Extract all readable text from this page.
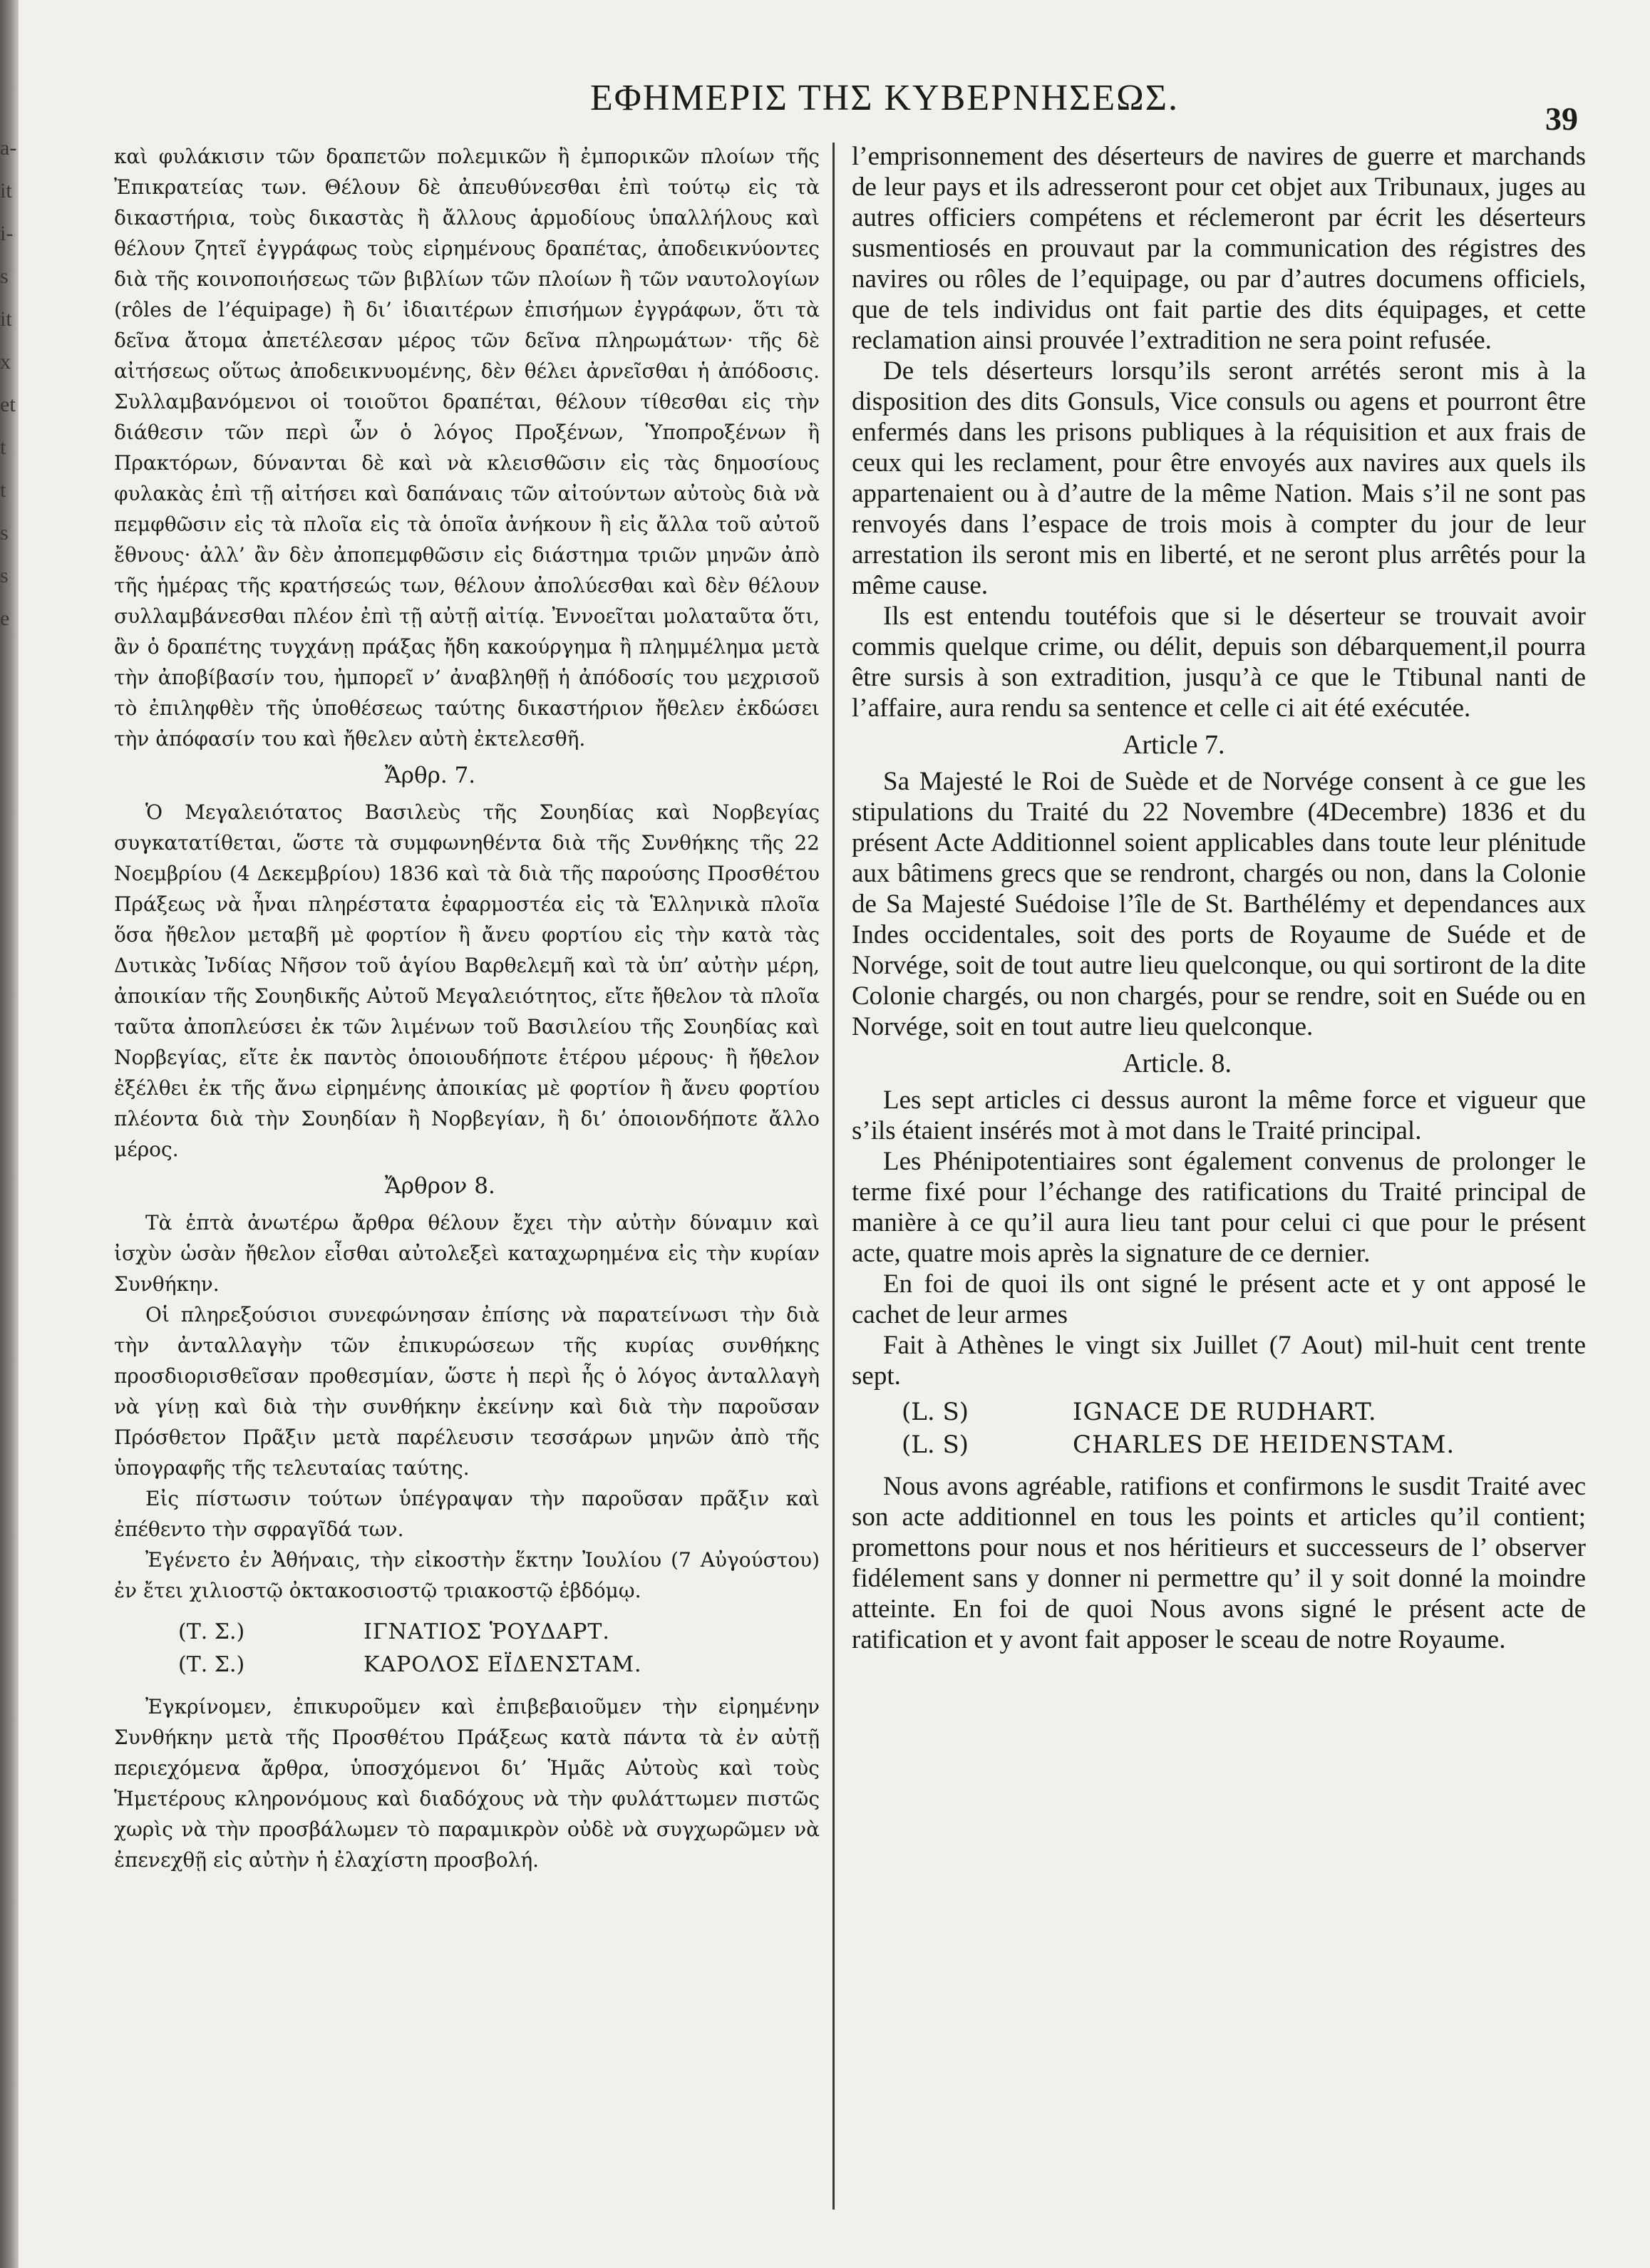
a-
it
i-
s
it
x
et
t
t
s
s
e
ΕΦΗΜΕΡΙΣ ΤΗΣ ΚΥΒΕΡΝΗΣΕΩΣ.
39

καὶ φυλάκισιν τῶν δραπετῶν πολεμικῶν ἢ ἐμπορικῶν πλοίων τῆς Ἐπικρατείας των. Θέλουν δὲ ἀπευθύνεσθαι ἐπὶ τούτῳ εἰς τὰ δικαστήρια, τοὺς δικαστὰς ἢ ἄλλους ἁρμοδίους ὑπαλλήλους καὶ θέλουν ζητεῖ ἐγγράφως τοὺς εἰρημένους δραπέτας, ἀποδεικνύοντες διὰ τῆς κοινοποιήσεως τῶν βιβλίων τῶν πλοίων ἢ τῶν ναυτολογίων (rôles de l’équipage) ἢ δι’ ἰδιαιτέρων ἐπισήμων ἐγγράφων, ὅτι τὰ δεῖνα ἄτομα ἀπετέλεσαν μέρος τῶν δεῖνα πληρωμάτων· τῆς δὲ αἰτήσεως οὕτως ἀποδεικνυομένης, δὲν θέλει ἀρνεῖσθαι ἡ ἀπόδοσις. Συλλαμβανόμενοι οἱ τοιοῦτοι δραπέται, θέλουν τίθεσθαι εἰς τὴν διάθεσιν τῶν περὶ ὧν ὁ λόγος Προξένων, Ὑποπροξένων ἢ Πρακτόρων, δύνανται δὲ καὶ νὰ κλεισθῶσιν εἰς τὰς δημοσίους φυλακὰς ἐπὶ τῇ αἰτήσει καὶ δαπάναις τῶν αἰτούντων αὐτοὺς διὰ νὰ πεμφθῶσιν εἰς τὰ πλοῖα εἰς τὰ ὁποῖα ἀνήκουν ἢ εἰς ἄλλα τοῦ αὐτοῦ ἔθνους· ἀλλ’ ἂν δὲν ἀποπεμφθῶσιν εἰς διάστημα τριῶν μηνῶν ἀπὸ τῆς ἡμέρας τῆς κρατήσεώς των, θέλουν ἀπολύεσθαι καὶ δὲν θέλουν συλλαμβάνεσθαι πλέον ἐπὶ τῇ αὐτῇ αἰτίᾳ. Ἐννοεῖται μολαταῦτα ὅτι, ἂν ὁ δραπέτης τυγχάνῃ πράξας ἤδη κακούργημα ἢ πλημμέλημα μετὰ τὴν ἀποβίβασίν του, ἠμπορεῖ ν’ ἀναβληθῇ ἡ ἀπόδοσίς του μεχρισοῦ τὸ ἐπιληφθὲν τῆς ὑποθέσεως ταύτης δικαστήριον ἤθελεν ἐκδώσει τὴν ἀπόφασίν του καὶ ἤθελεν αὐτὴ ἐκτελεσθῆ.

Ἄρθρ. 7.

Ὁ Μεγαλειότατος Βασιλεὺς τῆς Σουηδίας καὶ Νορβεγίας συγκατατίθεται, ὥστε τὰ συμφωνηθέντα διὰ τῆς Συνθήκης τῆς 22 Νοεμβρίου (4 Δεκεμβρίου) 1836 καὶ τὰ διὰ τῆς παρούσης Προσθέτου Πράξεως νὰ ἦναι πληρέστατα ἐφαρμοστέα εἰς τὰ Ἑλληνικὰ πλοῖα ὅσα ἤθελον μεταβῆ μὲ φορτίον ἢ ἄνευ φορτίου εἰς τὴν κατὰ τὰς Δυτικὰς Ἰνδίας Νῆσον τοῦ ἁγίου Βαρθελεμῆ καὶ τὰ ὑπ’ αὐτὴν μέρη, ἀποικίαν τῆς Σουηδικῆς Αὐτοῦ Μεγαλειότητος, εἴτε ἤθελον τὰ πλοῖα ταῦτα ἀποπλεύσει ἐκ τῶν λιμένων τοῦ Βασιλείου τῆς Σουηδίας καὶ Νορβεγίας, εἴτε ἐκ παντὸς ὁποιουδήποτε ἑτέρου μέρους· ἢ ἤθελον ἐξέλθει ἐκ τῆς ἄνω εἰρημένης ἀποικίας μὲ φορτίον ἢ ἄνευ φορτίου πλέοντα διὰ τὴν Σουηδίαν ἢ Νορβεγίαν, ἢ δι’ ὁποιονδήποτε ἄλλο μέρος.

Ἄρθρον 8.

Τὰ ἑπτὰ ἀνωτέρω ἄρθρα θέλουν ἔχει τὴν αὐτὴν δύναμιν καὶ ἰσχὺν ὡσὰν ἤθελον εἶσθαι αὐτολεξεὶ καταχωρημένα εἰς τὴν κυρίαν Συνθήκην.

Οἱ πληρεξούσιοι συνεφώνησαν ἐπίσης νὰ παρατείνωσι τὴν διὰ τὴν ἀνταλλαγὴν τῶν ἐπικυρώσεων τῆς κυρίας συνθήκης προσδιορισθεῖσαν προθεσμίαν, ὥστε ἡ περὶ ἧς ὁ λόγος ἀνταλλαγὴ νὰ γίνῃ καὶ διὰ τὴν συνθήκην ἐκείνην καὶ διὰ τὴν παροῦσαν Πρόσθετον Πρᾶξιν μετὰ παρέλευσιν τεσσάρων μηνῶν ἀπὸ τῆς ὑπογραφῆς τῆς τελευταίας ταύτης.

Εἰς πίστωσιν τούτων ὑπέγραψαν τὴν παροῦσαν πρᾶξιν καὶ ἐπέθεντο τὴν σφραγῖδά των.

Ἐγένετο ἐν Ἀθήναις, τὴν εἰκοστὴν ἕκτην Ἰουλίου (7 Αὐγούστου) ἐν ἔτει χιλιοστῷ ὀκτακοσιοστῷ τριακοστῷ ἑβδόμῳ.

(Τ. Σ.)	ΙΓΝΑΤΙΟΣ ῬΟΥΔΑΡΤ.
(Τ. Σ.)	ΚΑΡΟΛΟΣ ΕΪΔΕΝΣΤΑΜ.

Ἐγκρίνομεν, ἐπικυροῦμεν καὶ ἐπιβεβαιοῦμεν τὴν εἰρημένην Συνθήκην μετὰ τῆς Προσθέτου Πράξεως κατὰ πάντα τὰ ἐν αὐτῇ περιεχόμενα ἄρθρα, ὑποσχόμενοι δι’ Ἡμᾶς Αὐτοὺς καὶ τοὺς Ἡμετέρους κληρονόμους καὶ διαδόχους νὰ τὴν φυλάττωμεν πιστῶς χωρὶς νὰ τὴν προσβάλωμεν τὸ παραμικρὸν οὐδὲ νὰ συγχωρῶμεν νὰ ἐπενεχθῇ εἰς αὐτὴν ἡ ἐλαχίστη προσβολή.

l’emprisonnement des déserteurs de navires de guerre et marchands de leur pays et ils adresseront pour cet objet aux Tribunaux, juges au autres officiers compétens et réclemeront par écrit les déserteurs susmentiosés en prouvaut par la communication des régistres des navires ou rôles de l’equipage, ou par d’autres documens officiels, que de tels individus ont fait partie des dits équipages, et cette reclamation ainsi prouvée l’extradition ne sera point refusée.

De tels déserteurs lorsqu’ils seront arrétés seront mis à la disposition des dits Gonsuls, Vice consuls ou agens et pourront être enfermés dans les prisons publiques à la réquisition et aux frais de ceux qui les reclament, pour être envoyés aux navires aux quels ils appartenaient ou à d’autre de la même Nation. Mais s’il ne sont pas renvoyés dans l’espace de trois mois à compter du jour de leur arrestation ils seront mis en liberté, et ne seront plus arrêtés pour la même cause.

Ils est entendu toutéfois que si le déserteur se trouvait avoir commis quelque crime, ou délit, depuis son débarquement,il pourra être sursis à son extradition, jusqu’à ce que le Ttibunal nanti de l’affaire, aura rendu sa sentence et celle ci ait été exécutée.

Article 7.

Sa Majesté le Roi de Suède et de Norvége consent à ce gue les stipulations du Traité du 22 Novembre (4Decembre) 1836 et du présent Acte Additionnel soient applicables dans toute leur plénitude aux bâtimens grecs que se rendront, chargés ou non, dans la Colonie de Sa Majesté Suédoise l’île de St. Barthélémy et dependances aux Indes occidentales, soit des ports de Royaume de Suéde et de Norvége, soit de tout autre lieu quelconque, ou qui sortiront de la dite Colonie chargés, ou non chargés, pour se rendre, soit en Suéde ou en Norvége, soit en tout autre lieu quelconque.

Article. 8.

Les sept articles ci dessus auront la même force et vigueur que s’ils étaient insérés mot à mot dans le Traité principal.

Les Phénipotentiaires sont également convenus de prolonger le terme fixé pour l’échange des ratifications du Traité principal de manière à ce qu’il aura lieu tant pour celui ci que pour le présent acte, quatre mois après la signature de ce dernier.

En foi de quoi ils ont signé le présent acte et y ont apposé le cachet de leur armes

Fait à Athènes le vingt six Juillet (7 Aout) mil-huit cent trente sept.

(L. S)	IGNACE DE RUDHART.
(L. S)	CHARLES DE HEIDENSTAM.

Nous avons agréable, ratifions et confirmons le susdit Traité avec son acte additionnel en tous les points et articles qu’il contient; promettons pour nous et nos héritieurs et successeurs de l’ observer fidélement sans y donner ni permettre qu’ il y soit donné la moindre atteinte. En foi de quoi Nous avons signé le présent acte de ratification et y avont fait apposer le sceau de notre Royaume.
